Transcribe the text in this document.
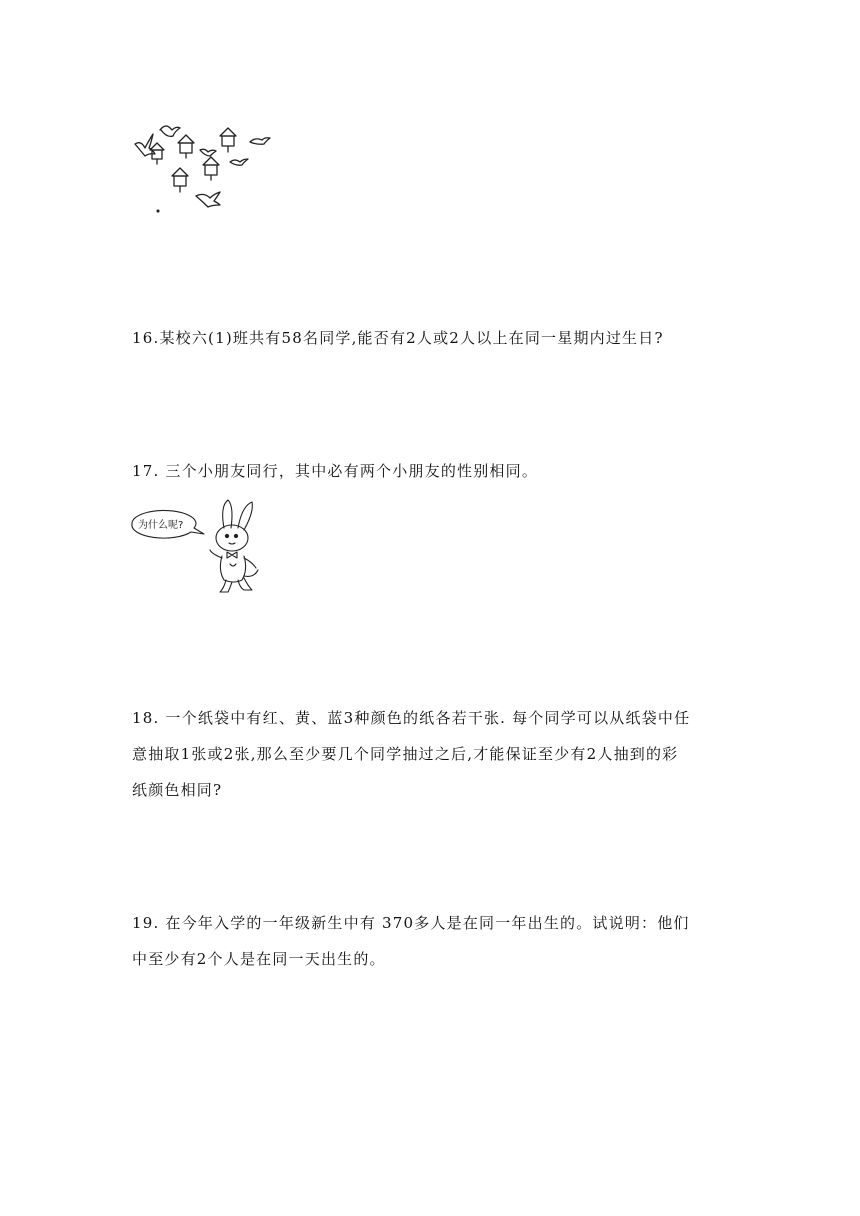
16.某校六(1)班共有58名同学,能否有2人或2人以上在同一星期内过生日?

17. 三个小朋友同行，其中必有两个小朋友的性别相同。

为什么呢?

18. 一个纸袋中有红、黄、蓝3种颜色的纸各若干张. 每个同学可以从纸袋中任
意抽取1张或2张,那么至少要几个同学抽过之后,才能保证至少有2人抽到的彩
纸颜色相同?

19. 在今年入学的一年级新生中有 370多人是在同一年出生的。试说明：他们
中至少有2个人是在同一天出生的。
